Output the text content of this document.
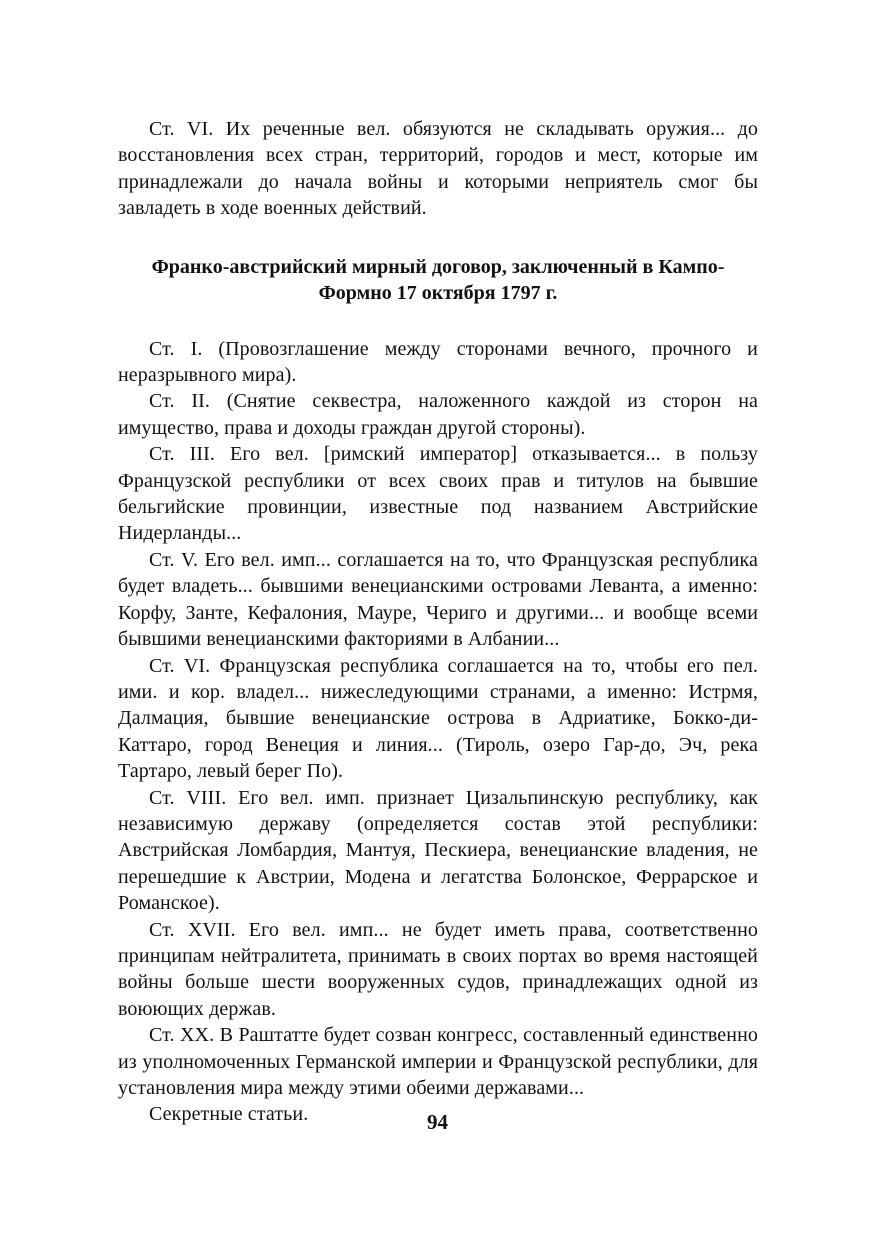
Ст. VI. Их реченные вел. обязуются не складывать оружия... до восстановления всех стран, территорий, городов и мест, которые им принадлежали до начала войны и которыми неприятель смог бы завладеть в ходе военных действий.

Франко-австрийский мирный договор, заключенный в Кампо-
Формно 17 октября 1797 г.

Ст. I. (Провозглашение между сторонами вечного, прочного и неразрывного мира).

Ст. II. (Снятие секвестра, наложенного каждой из сторон на имущество, права и доходы граждан другой стороны).

Ст. III. Его вел. [римский император] отказывается... в пользу Французской республики от всех своих прав и титулов на бывшие бельгийские провинции, известные под названием Австрийские Нидерланды...

Ст. V. Его вел. имп... соглашается на то, что Французская республика будет владеть... бывшими венецианскими островами Леванта, а именно: Корфу, Занте, Кефалония, Мауре, Чериго и другими... и вообще всеми бывшими венецианскими факториями в Албании...

Ст. VI. Французская республика соглашается на то, чтобы его пел. ими. и кор. владел... нижеследующими странами, а именно: Истрмя, Далмация, бывшие венецианские острова в Адриатике, Бокко-ди-Каттаро, город Венеция и линия... (Тироль, озеро Гар-до, Эч, река Тартаро, левый берег По).

Ст. VIII. Его вел. имп. признает Цизальпинскую республику, как независимую державу (определяется состав этой республики: Австрийская Ломбардия, Мантуя, Пескиера, венецианские владения, не перешедшие к Австрии, Модена и легатства Болонское, Феррарское и Романское).

Ст. XVII. Его вел. имп... не будет иметь права, соответственно принципам нейтралитета, принимать в своих портах во время настоящей войны больше шести вооруженных судов, принадлежащих одной из воюющих держав.

Ст. XX. В Раштатте будет созван конгресс, составленный единственно из уполномоченных Германской империи и Французской республики, для установления мира между этими обеими державами...

Секретные статьи.	94
